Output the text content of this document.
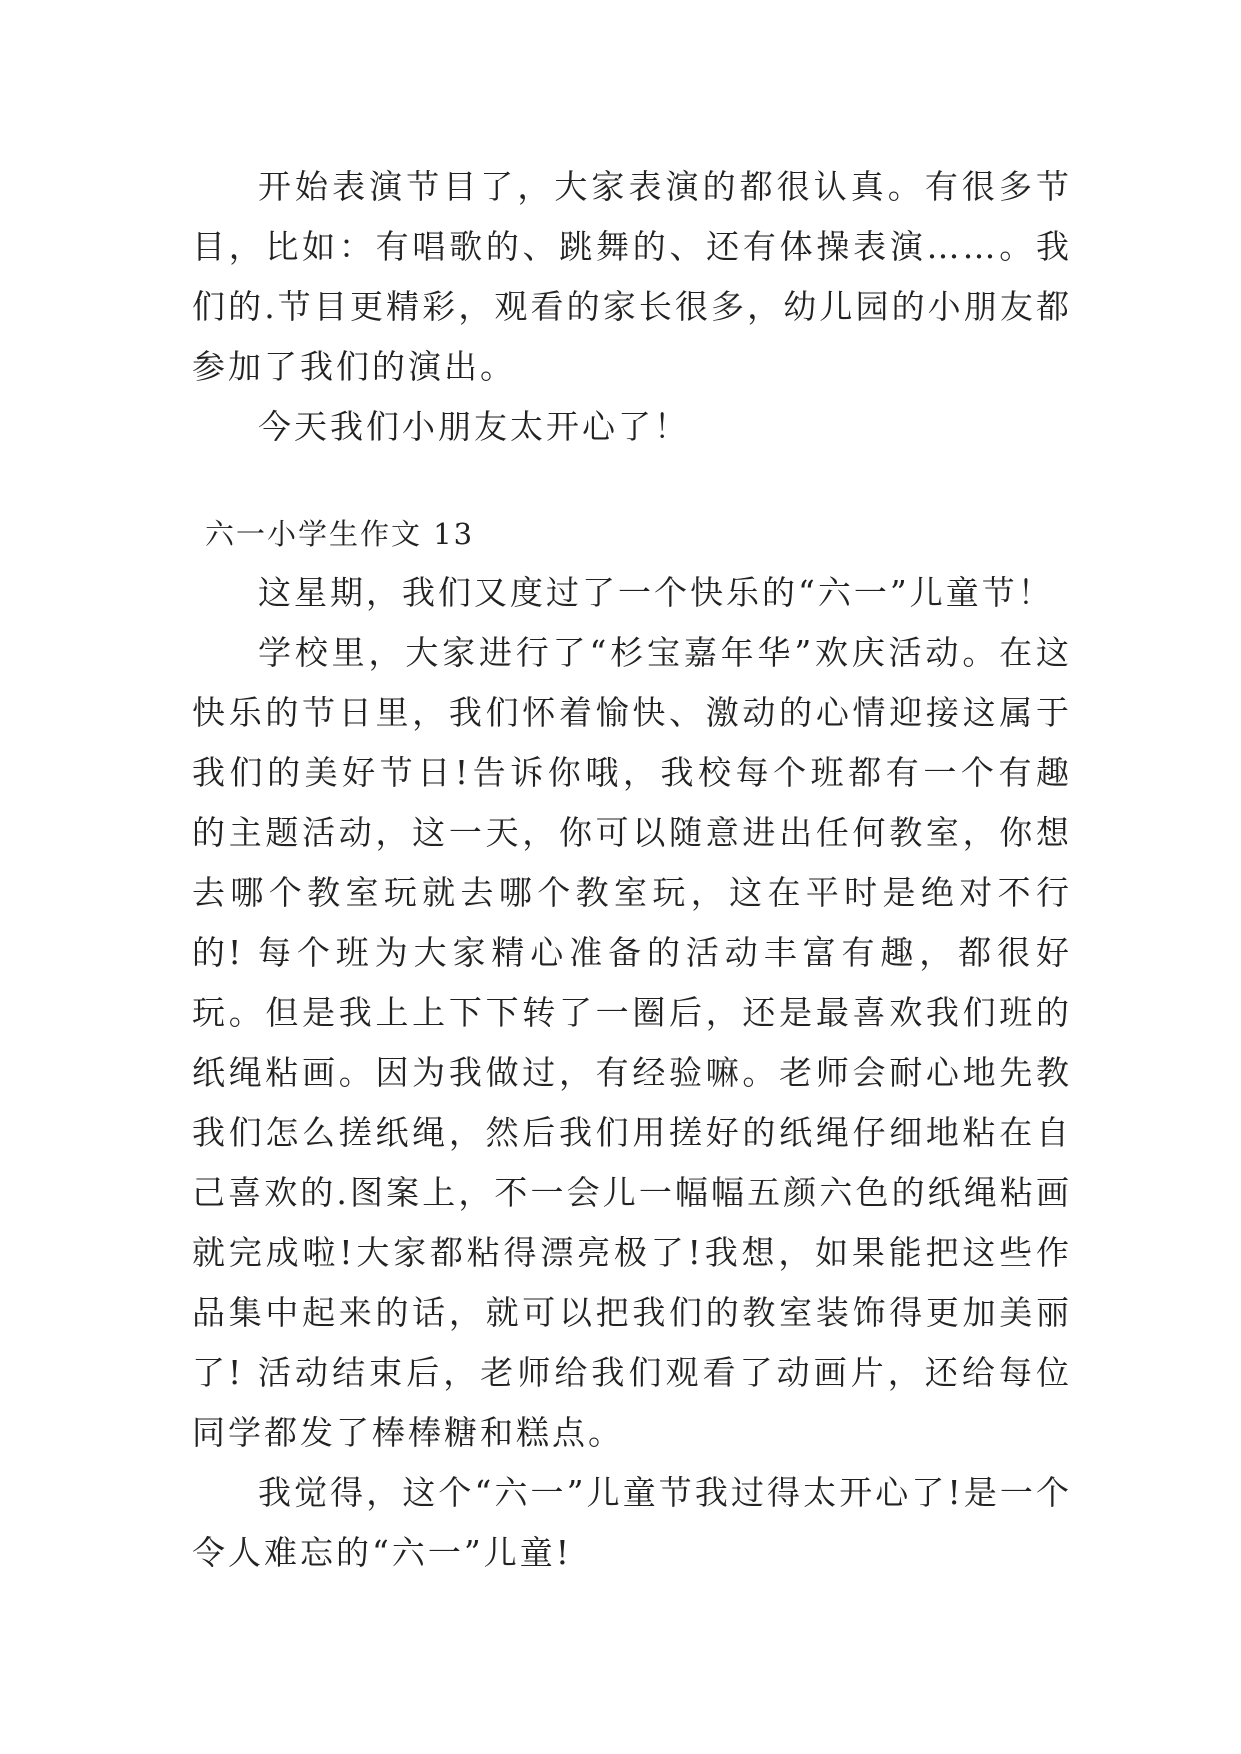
开始表演节目了，大家表演的都很认真。有很多节目，比如：有唱歌的、跳舞的、还有体操表演……。我们的.节目更精彩，观看的家长很多，幼儿园的小朋友都参加了我们的演出。

今天我们小朋友太开心了！

六一小学生作文 13

这星期，我们又度过了一个快乐的“六一”儿童节！

学校里，大家进行了“杉宝嘉年华”欢庆活动。在这快乐的节日里，我们怀着愉快、激动的心情迎接这属于我们的美好节日!告诉你哦，我校每个班都有一个有趣的主题活动，这一天，你可以随意进出任何教室，你想去哪个教室玩就去哪个教室玩，这在平时是绝对不行的! 每个班为大家精心准备的活动丰富有趣，都很好玩。但是我上上下下转了一圈后，还是最喜欢我们班的纸绳粘画。因为我做过，有经验嘛。老师会耐心地先教我们怎么搓纸绳，然后我们用搓好的纸绳仔细地粘在自己喜欢的.图案上，不一会儿一幅幅五颜六色的纸绳粘画就完成啦!大家都粘得漂亮极了!我想，如果能把这些作品集中起来的话，就可以把我们的教室装饰得更加美丽了! 活动结束后，老师给我们观看了动画片，还给每位同学都发了棒棒糖和糕点。

我觉得，这个“六一”儿童节我过得太开心了!是一个令人难忘的“六一”儿童!
